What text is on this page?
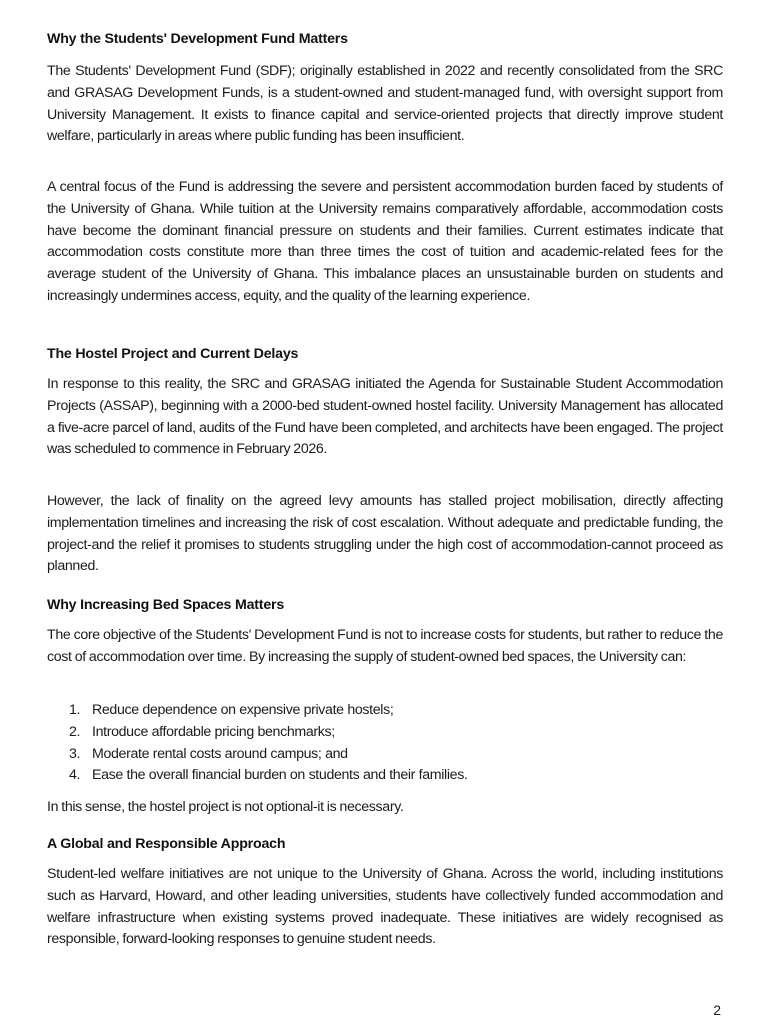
Why the Students' Development Fund Matters

The Students' Development Fund (SDF); originally established in 2022 and recently consolidated from the SRC and GRASAG Development Funds, is a student-owned and student-managed fund, with oversight support from University Management. It exists to finance capital and service-oriented projects that directly improve student welfare, particularly in areas where public funding has been insufficient.

A central focus of the Fund is addressing the severe and persistent accommodation burden faced by students of the University of Ghana. While tuition at the University remains comparatively affordable, accommodation costs have become the dominant financial pressure on students and their families. Current estimates indicate that accommodation costs constitute more than three times the cost of tuition and academic-related fees for the average student of the University of Ghana. This imbalance places an unsustainable burden on students and increasingly undermines access, equity, and the quality of the learning experience.

The Hostel Project and Current Delays

In response to this reality, the SRC and GRASAG initiated the Agenda for Sustainable Student Accommodation Projects (ASSAP), beginning with a 2000-bed student-owned hostel facility. University Management has allocated a five-acre parcel of land, audits of the Fund have been completed, and architects have been engaged. The project was scheduled to commence in February 2026.

However, the lack of finality on the agreed levy amounts has stalled project mobilisation, directly affecting implementation timelines and increasing the risk of cost escalation. Without adequate and predictable funding, the project-and the relief it promises to students struggling under the high cost of accommodation-cannot proceed as planned.

Why Increasing Bed Spaces Matters

The core objective of the Students' Development Fund is not to increase costs for students, but rather to reduce the cost of accommodation over time. By increasing the supply of student-owned bed spaces, the University can:

1. Reduce dependence on expensive private hostels;
2. Introduce affordable pricing benchmarks;
3. Moderate rental costs around campus; and
4. Ease the overall financial burden on students and their families.

In this sense, the hostel project is not optional-it is necessary.

A Global and Responsible Approach

Student-led welfare initiatives are not unique to the University of Ghana. Across the world, including institutions such as Harvard, Howard, and other leading universities, students have collectively funded accommodation and welfare infrastructure when existing systems proved inadequate. These initiatives are widely recognised as responsible, forward-looking responses to genuine student needs.

2
